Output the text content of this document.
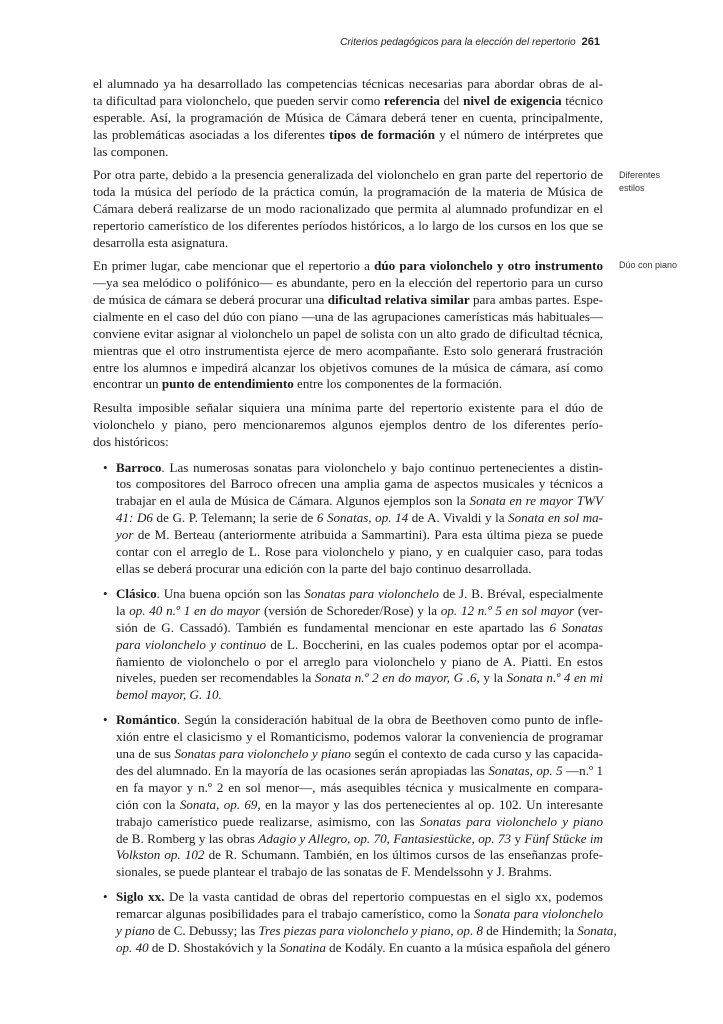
Criterios pedagógicos para la elección del repertorio 261
Diferentes
estilos
Dúo con piano

el alumnado ya ha desarrollado las competencias técnicas necesarias para abordar obras de al-
ta dificultad para violonchelo, que pueden servir como referencia del nivel de exigencia técnico
esperable. Así, la programación de Música de Cámara deberá tener en cuenta, principalmente,
las problemáticas asociadas a los diferentes tipos de formación y el número de intérpretes que
las componen.

Por otra parte, debido a la presencia generalizada del violonchelo en gran parte del repertorio de
toda la música del período de la práctica común, la programación de la materia de Música de
Cámara deberá realizarse de un modo racionalizado que permita al alumnado profundizar en el
repertorio camerístico de los diferentes períodos históricos, a lo largo de los cursos en los que se
desarrolla esta asignatura.

En primer lugar, cabe mencionar que el repertorio a dúo para violonchelo y otro instrumento
—ya sea melódico o polifónico— es abundante, pero en la elección del repertorio para un curso
de música de cámara se deberá procurar una dificultad relativa similar para ambas partes. Espe-
cialmente en el caso del dúo con piano —una de las agrupaciones camerísticas más habituales—
conviene evitar asignar al violonchelo un papel de solista con un alto grado de dificultad técnica,
mientras que el otro instrumentista ejerce de mero acompañante. Esto solo generará frustración
entre los alumnos e impedirá alcanzar los objetivos comunes de la música de cámara, así como
encontrar un punto de entendimiento entre los componentes de la formación.

Resulta imposible señalar siquiera una mínima parte del repertorio existente para el dúo de
violonchelo y piano, pero mencionaremos algunos ejemplos dentro de los diferentes perío-
dos históricos:

• Barroco. Las numerosas sonatas para violonchelo y bajo continuo pertenecientes a distin-
tos compositores del Barroco ofrecen una amplia gama de aspectos musicales y técnicos a
trabajar en el aula de Música de Cámara. Algunos ejemplos son la Sonata en re mayor TWV
41: D6 de G. P. Telemann; la serie de 6 Sonatas, op. 14 de A. Vivaldi y la Sonata en sol ma-
yor de M. Berteau (anteriormente atribuida a Sammartini). Para esta última pieza se puede
contar con el arreglo de L. Rose para violonchelo y piano, y en cualquier caso, para todas
ellas se deberá procurar una edición con la parte del bajo continuo desarrollada.
• Clásico. Una buena opción son las Sonatas para violonchelo de J. B. Bréval, especialmente
la op. 40 n.º 1 en do mayor (versión de Schoreder/Rose) y la op. 12 n.º 5 en sol mayor (ver-
sión de G. Cassadó). También es fundamental mencionar en este apartado las 6 Sonatas
para violonchelo y continuo de L. Boccherini, en las cuales podemos optar por el acompa-
ñamiento de violonchelo o por el arreglo para violonchelo y piano de A. Piatti. En estos
niveles, pueden ser recomendables la Sonata n.º 2 en do mayor, G .6, y la Sonata n.º 4 en mi
bemol mayor, G. 10.
• Romántico. Según la consideración habitual de la obra de Beethoven como punto de infle-
xión entre el clasicismo y el Romanticismo, podemos valorar la conveniencia de programar
una de sus Sonatas para violonchelo y piano según el contexto de cada curso y las capacida-
des del alumnado. En la mayoría de las ocasiones serán apropiadas las Sonatas, op. 5 —n.º 1
en fa mayor y n.º 2 en sol menor—, más asequibles técnica y musicalmente en compara-
ción con la Sonata, op. 69, en la mayor y las dos pertenecientes al op. 102. Un interesante
trabajo camerístico puede realizarse, asimismo, con las Sonatas para violonchelo y piano
de B. Romberg y las obras Adagio y Allegro, op. 70, Fantasiestücke, op. 73 y Fünf Stücke im
Volkston op. 102 de R. Schumann. También, en los últimos cursos de las enseñanzas profe-
sionales, se puede plantear el trabajo de las sonatas de F. Mendelssohn y J. Brahms.
• Siglo xx. De la vasta cantidad de obras del repertorio compuestas en el siglo xx, podemos
remarcar algunas posibilidades para el trabajo camerístico, como la Sonata para violonchelo
y piano de C. Debussy; las Tres piezas para violonchelo y piano, op. 8 de Hindemith; la Sonata,
op. 40 de D. Shostakóvich y la Sonatina de Kodály. En cuanto a la música española del género
